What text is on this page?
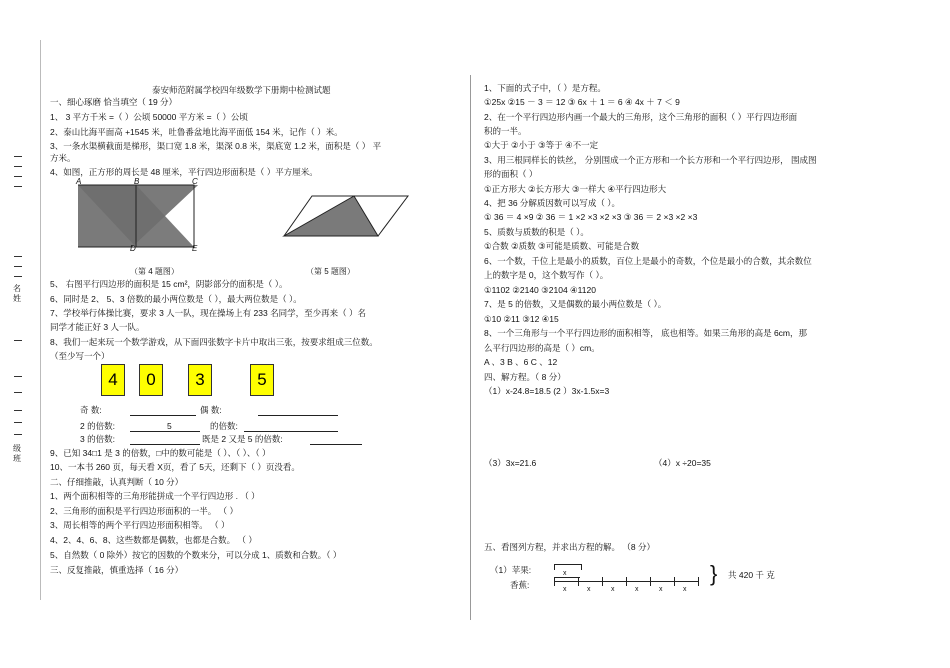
名姓
级班
泰安师范附属学校四年级数学下册期中检测试题
一、细心琢磨 恰当填空（ 19 分）
1、 3 平方千米 =（ ）公顷 50000 平方米 =（ ）公顷
2、泰山比海平面高 +1545 米，吐鲁番盆地比海平面低 154 米，记作（ ）米。
3、一条水渠横截面是梯形，渠口宽 1.8 米，渠深 0.8 米，渠底宽 1.2 米，面积是（ ） 平
方米。
4、如图，正方形的周长是 48 厘米，平行四边形面积是（ ）平方厘米。
A	B	C
D	E
（第 4 题图）	（第 5 题图）
5、 右图平行四边形的面积是 15 cm²，阴影部分的面积是（ ）。
6、同时是 2、 5、3 倍数的最小两位数是（ ），最大两位数是（ ）。
7、学校举行体操比赛，要求 3 人一队，现在操场上有 233 名同学，至少再来（ ）名
同学才能正好 3 人一队。
8、我们一起来玩一个数学游戏，从下面四张数字卡片中取出三张，按要求组成三位数。
（至少写一个）
4	0	3	5
奇 数:	偶 数:
2 的倍数:	5	的倍数:
3 的倍数:	既是 2 又是 5 的倍数:
9、已知 34□1 是 3 的倍数，□中的数可能是（ ）、（ ）、（ ）
10、一本书 260 页，每天看 X页，看了 5天，还剩下（ ）页没看。
二、仔细推敲，认真判断（ 10 分）
1、两个面积相等的三角形能拼成一个平行四边形 . （ ）
2、三角形的面积是平行四边形面积的一半。 （ ）
3、周长相等的两个平行四边形面积相等。 （ ）
4、2、4、6、8、这些数都是偶数，也都是合数。 （ ）
5、自然数（ 0 除外）按它的因数的个数来分，可以分成 1、质数和合数。（ ）
三、反复推敲，慎重选择（ 16 分）
1、下面的式子中，（ ）是方程。
①25x ②15 － 3 ＝ 12 ③ 6x ＋ 1 ＝ 6 ④ 4x ＋ 7 ＜ 9
2、在一个平行四边形内画一个最大的三角形，这个三角形的面积（ ）平行四边形面
积的一半。
①大于 ②小于 ③等于 ④不一定
3、用三根同样长的铁丝， 分别围成一个正方形和一个长方形和一个平行四边形， 围成图
形的面积（ ）
①正方形大 ②长方形大 ③一样大 ④平行四边形大
4、把 36 分解质因数可以写成（ ）。
① 36 ＝ 4 ×9 ② 36 ＝ 1 ×2 ×3 ×2 ×3 ③ 36 ＝ 2 ×3 ×2 ×3
5、质数与质数的积是（ ）。
①合数 ②质数 ③可能是质数、可能是合数
6、一个数，千位上是最小的质数，百位上是最小的奇数，个位是最小的合数，其余数位
上的数字是 0，这个数写作（ ）。
①1102 ②2140 ③2104 ④1120
7、是 5 的倍数，又是偶数的最小两位数是（ ）。
①10 ②11 ③12 ④15
8、一个三角形与一个平行四边形的面积相等， 底也相等。如果三角形的高是 6cm，那
么平行四边形的高是（ ）cm。
A 、3 B 、6 C 、12
四、解方程。（ 8 分）
（1）x-24.8=18.5 (2 ）3x-1.5x=3
（3）3x=21.6	（4）x ÷20=35
五、看图列方程，并求出方程的解。 （8 分）
（1）苹果:
香蕉:
x
x	x	x	x	x	x
} 共 420 千 克
